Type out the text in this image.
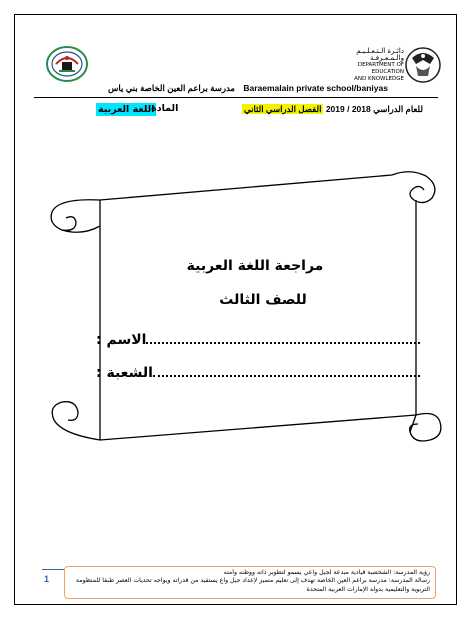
دائـرة الـتـعـلـيـم والـمـعـرفـة
DEPARTMENT OF EDUCATION
AND KNOWLEDGE
مدرسة براعم العين الخاصة بني ياس Baraemalain private school/baniyas
اللغة العربية
المادة :	للعام الدراسي 2018 / 2019 الفصل الدراسي الثاني
مراجعة اللغة العربية
للصف الثالث
الاسم :
الشعبة :
1
رؤية المدرسة: الشخصية قيادية مبدعة لجيل واعي يسمو لتطوير ذاته ووطنه وأمته
رسالة المدرسة: مدرسة براعم العين الخاصة تهدف إلى تعليم متميز لإعداد جيل واع يستفيد من قدراته ويواجه تحديات العصر طبقاً للمنظومة
التربوية والتعليمية بدولة الإمارات العربية المتحدة
